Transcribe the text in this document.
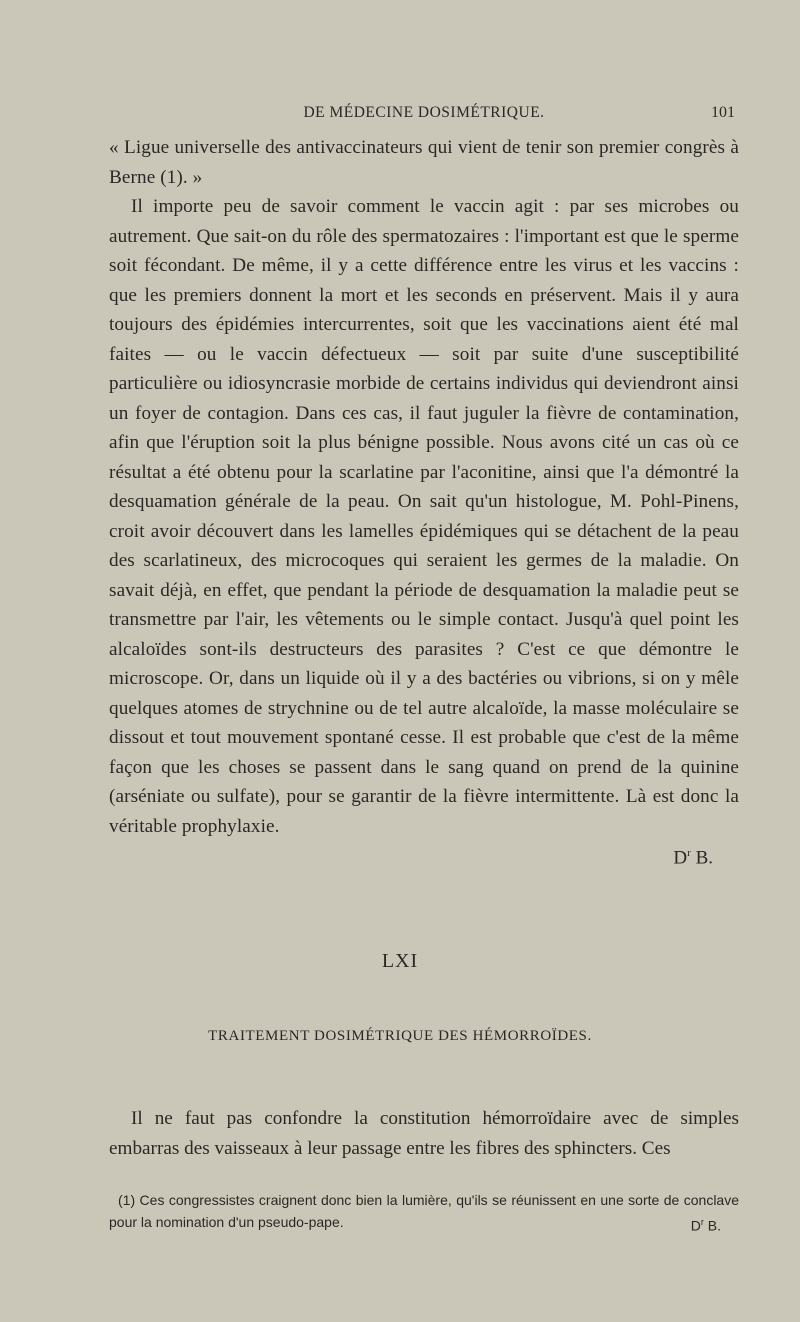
DE MÉDECINE DOSIMÉTRIQUE.	101

« Ligue universelle des antivaccinateurs qui vient de tenir son premier congrès à Berne (1). »

Il importe peu de savoir comment le vaccin agit : par ses microbes ou autrement. Que sait-on du rôle des spermatozaires : l'important est que le sperme soit fécondant. De même, il y a cette différence entre les virus et les vaccins : que les premiers donnent la mort et les seconds en préservent. Mais il y aura toujours des épidémies intercurrentes, soit que les vaccinations aient été mal faites — ou le vaccin défectueux — soit par suite d'une susceptibilité particulière ou idiosyncrasie morbide de certains individus qui deviendront ainsi un foyer de contagion. Dans ces cas, il faut juguler la fièvre de contamination, afin que l'éruption soit la plus bénigne possible. Nous avons cité un cas où ce résultat a été obtenu pour la scarlatine par l'aconitine, ainsi que l'a démontré la desquamation générale de la peau. On sait qu'un histologue, M. Pohl-Pinens, croit avoir découvert dans les lamelles épidémiques qui se détachent de la peau des scarlatineux, des microcoques qui seraient les germes de la maladie. On savait déjà, en effet, que pendant la période de desquamation la maladie peut se transmettre par l'air, les vêtements ou le simple contact. Jusqu'à quel point les alcaloïdes sont-ils destructeurs des parasites ? C'est ce que démontre le microscope. Or, dans un liquide où il y a des bactéries ou vibrions, si on y mêle quelques atomes de strychnine ou de tel autre alcaloïde, la masse moléculaire se dissout et tout mouvement spontané cesse. Il est probable que c'est de la même façon que les choses se passent dans le sang quand on prend de la quinine (arséniate ou sulfate), pour se garantir de la fièvre intermittente. Là est donc la véritable prophylaxie.

$D^r$ B.
LXI
TRAITEMENT DOSIMÉTRIQUE DES HÉMORROÏDES.

Il ne faut pas confondre la constitution hémorroïdaire avec de simples embarras des vaisseaux à leur passage entre les fibres des sphincters. Ces

(1) Ces congressistes craignent donc bien la lumière, qu'ils se réunissent en une sorte de conclave pour la nomination d'un pseudo-pape.	$D^r$ B.
